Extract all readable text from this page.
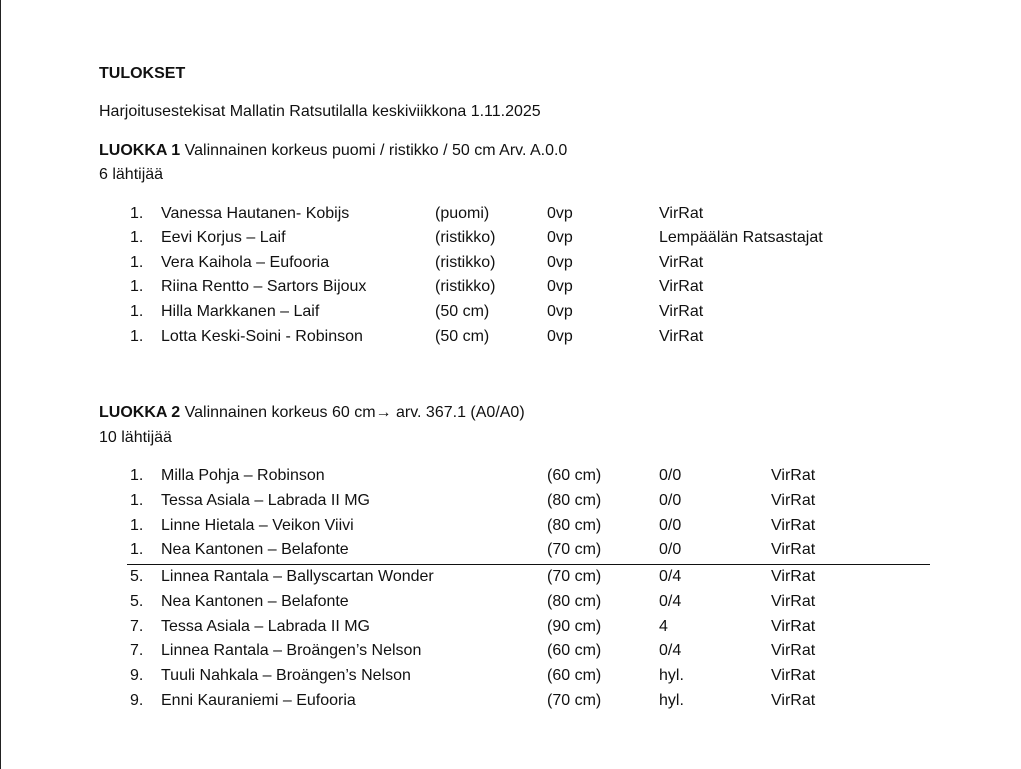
TULOKSET
Harjoitusestekisat Mallatin Ratsutilalla keskiviikkona 1.11.2025
LUOKKA 1 Valinnainen korkeus puomi / ristikko / 50 cm Arv. A.0.0
6 lähtijää
1. Vanessa Hautanen- Kobijs	(puomi)	0vp	VirRat
1. Eevi Korjus – Laif	(ristikko)	0vp	Lempäälän Ratsastajat
1. Vera Kaihola – Eufooria	(ristikko)	0vp	VirRat
1. Riina Rentto – Sartors Bijoux	(ristikko)	0vp	VirRat
1. Hilla Markkanen – Laif	(50 cm)	0vp	VirRat
1. Lotta Keski-Soini - Robinson	(50 cm)	0vp	VirRat
LUOKKA 2 Valinnainen korkeus 60 cm→ arv. 367.1 (A0/A0)
10 lähtijää
1. Milla Pohja – Robinson	(60 cm)	0/0	VirRat
1. Tessa Asiala – Labrada II MG	(80 cm)	0/0	VirRat
1. Linne Hietala – Veikon Viivi	(80 cm)	0/0	VirRat
1. Nea Kantonen – Belafonte	(70 cm)	0/0	VirRat
5. Linnea Rantala – Ballyscartan Wonder	(70 cm)	0/4	VirRat
5. Nea Kantonen – Belafonte	(80 cm)	0/4	VirRat
7. Tessa Asiala – Labrada II MG	(90 cm)	4	VirRat
7. Linnea Rantala – Broängen’s Nelson	(60 cm)	0/4	VirRat
9. Tuuli Nahkala – Broängen’s Nelson	(60 cm)	hyl.	VirRat
9. Enni Kauraniemi – Eufooria	(70 cm)	hyl.	VirRat
